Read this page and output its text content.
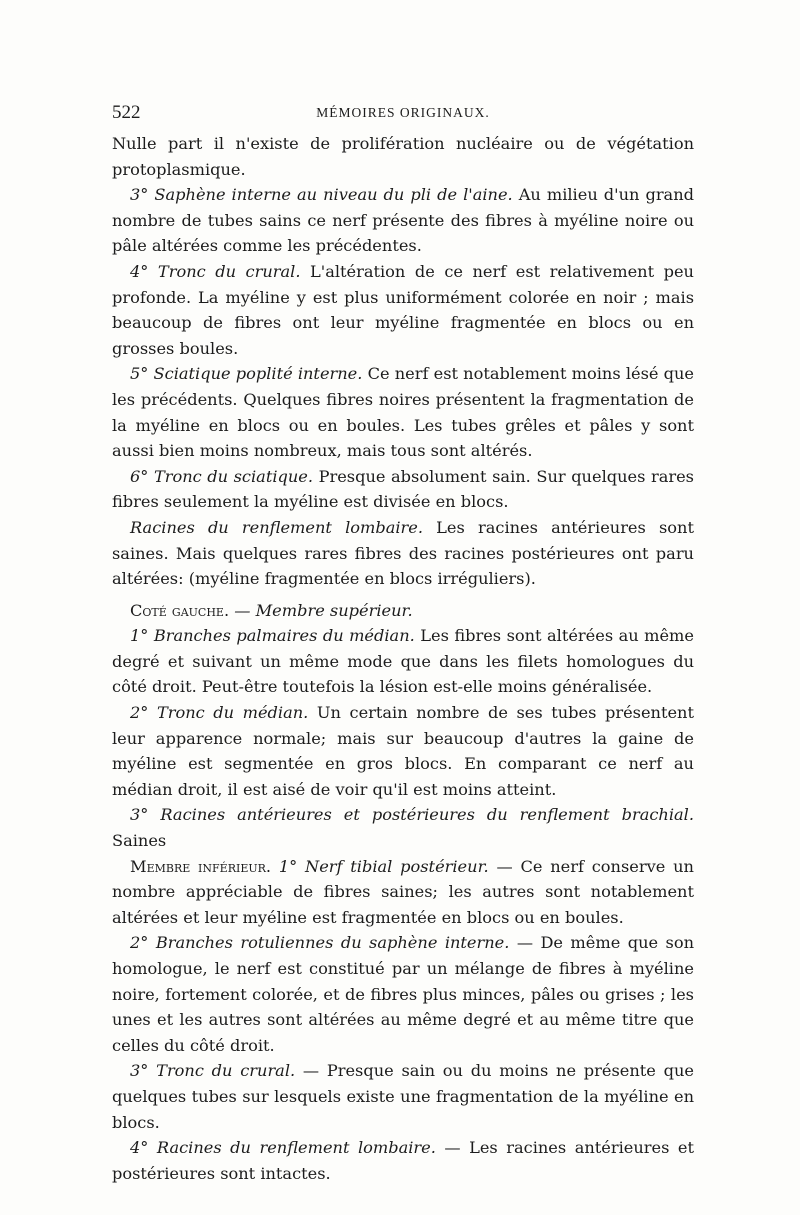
522	MÉMOIRES ORIGINAUX.

Nulle part il n'existe de prolifération nucléaire ou de végétation protoplasmique.

3° Saphène interne au niveau du pli de l'aine. Au milieu d'un grand nombre de tubes sains ce nerf présente des fibres à myéline noire ou pâle altérées comme les précédentes.

4° Tronc du crural. L'altération de ce nerf est relativement peu profonde. La myéline y est plus uniformément colorée en noir ; mais beaucoup de fibres ont leur myéline fragmentée en blocs ou en grosses boules.

5° Sciatique poplité interne. Ce nerf est notablement moins lésé que les précédents. Quelques fibres noires présentent la fragmentation de la myéline en blocs ou en boules. Les tubes grêles et pâles y sont aussi bien moins nombreux, mais tous sont altérés.

6° Tronc du sciatique. Presque absolument sain. Sur quelques rares fibres seulement la myéline est divisée en blocs.

Racines du renflement lombaire. Les racines antérieures sont saines. Mais quelques rares fibres des racines postérieures ont paru altérées: (myéline fragmentée en blocs irréguliers).

Coté gauche. — Membre supérieur.

1° Branches palmaires du médian. Les fibres sont altérées au même degré et suivant un même mode que dans les filets homologues du côté droit. Peut-être toutefois la lésion est-elle moins généralisée.

2° Tronc du médian. Un certain nombre de ses tubes présentent leur apparence normale; mais sur beaucoup d'autres la gaine de myéline est segmentée en gros blocs. En comparant ce nerf au médian droit, il est aisé de voir qu'il est moins atteint.

3° Racines antérieures et postérieures du renflement brachial. Saines

Membre inférieur. 1° Nerf tibial postérieur. — Ce nerf conserve un nombre appréciable de fibres saines; les autres sont notablement altérées et leur myéline est fragmentée en blocs ou en boules.

2° Branches rotuliennes du saphène interne. — De même que son homologue, le nerf est constitué par un mélange de fibres à myéline noire, fortement colorée, et de fibres plus minces, pâles ou grises ; les unes et les autres sont altérées au même degré et au même titre que celles du côté droit.

3° Tronc du crural. — Presque sain ou du moins ne présente que quelques tubes sur lesquels existe une fragmentation de la myéline en blocs.

4° Racines du renflement lombaire. — Les racines antérieures et postérieures sont intactes.
